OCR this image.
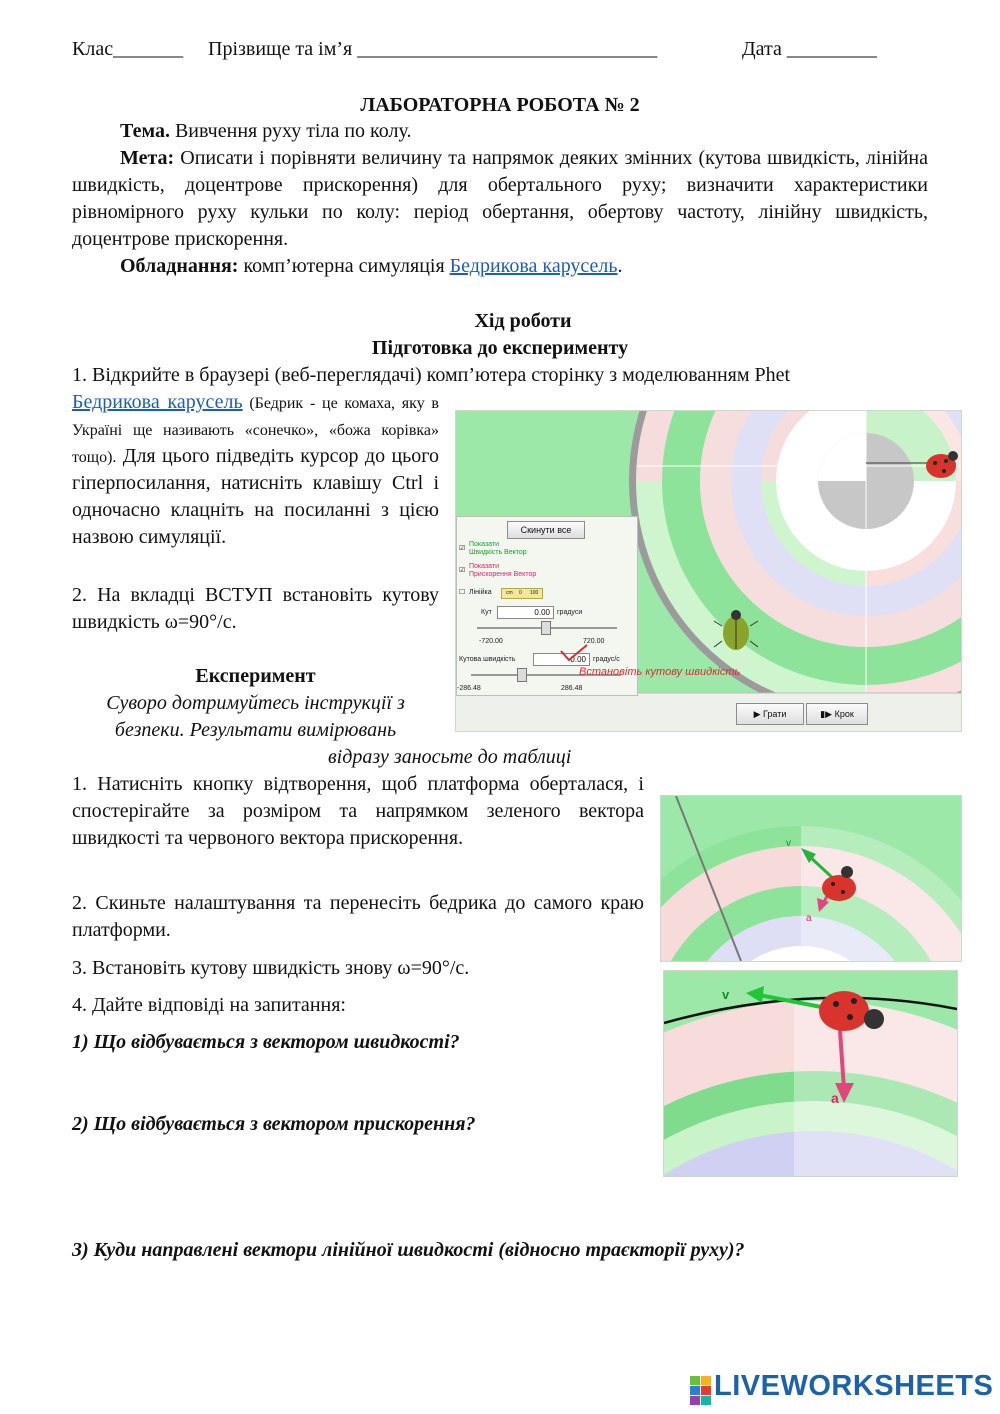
Клас_______ Прізвище та ім’я ______________________________	Дата _________
ЛАБОРАТОРНА РОБОТА № 2
Тема. Вивчення руху тіла по колу.
Мета: Описати і порівняти величину та напрямок деяких змінних (кутова швидкість, лінійна швидкість, доцентрове прискорення) для обертального руху; визначити характеристики рівномірного руху кульки по колу: період обертання, обертову частоту, лінійну швидкість, доцентрове прискорення.
Обладнання: комп’ютерна симуляція Бедрикова карусель.
Хід роботи
Підготовка до експерименту
1. Відкрийте в браузері (веб-переглядачі) комп’ютера сторінку з моделюванням Phet
Бедрикова карусель (Бедрик - це комаха, яку в Україні ще називають «сонечко», «божа корівка» тощо). Для цього підведіть курсор до цього гіперпосилання, натисніть клавішу Ctrl і одночасно клацніть на посиланні з цією назвою симуляції.
2. На вкладці ВСТУП встановіть кутову швидкість ω=90°/с.
Експеримент
Суворо дотримуйтесь інструкції з безпеки. Результати вимірювань
відразу заносьте до таблиці
1. Натисніть кнопку відтворення, щоб платформа оберталася, і спостерігайте за розміром та напрямком зеленого вектора швидкості та червоного вектора прискорення.
2. Скиньте налаштування та перенесіть бедрика до самого краю платформи.
3. Встановіть кутову швидкість знову ω=90°/с.
4. Дайте відповіді на запитання:
1) Що відбувається з вектором швидкості?
2) Що відбувається з вектором прискорення?
3) Куди направлені вектори лінійної швидкості (відносно траєкторії руху)?
Скинути все
☑
Показати
Швидкість Вектор
☑
Показати
Прискорення Вектор
☐ Лінійка	cm 0 100
Кут	0.00	градуси
-720.00	720.00
Кутова швидкість	0.00	градус/с
-286.48	286.48
Встановіть кутову швидкість
▶ Грати	▮▶ Крок
v
a
v
a
LIVEWORKSHEETS
